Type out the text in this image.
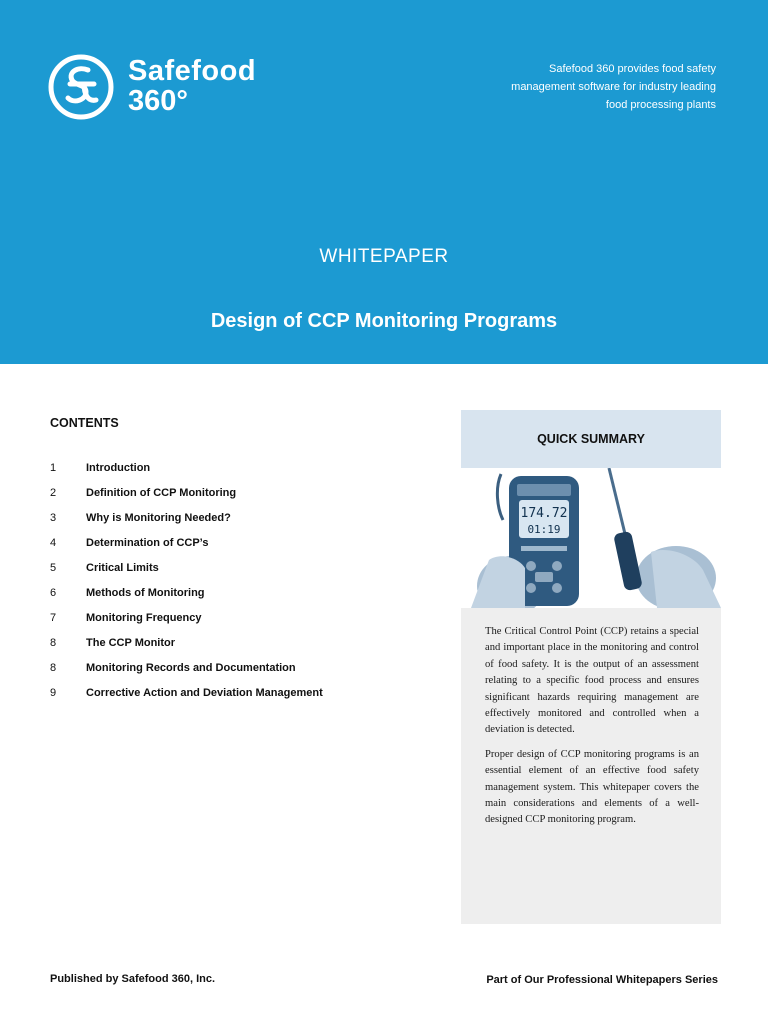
Safefood
360°
Safefood 360 provides food safety
management software for industry leading
food processing plants
WHITEPAPER
Design of CCP Monitoring Programs
CONTENTS
1	Introduction
2	Definition of CCP Monitoring
3	Why is Monitoring Needed?
4	Determination of CCP’s
5	Critical Limits
6	Methods of Monitoring
7	Monitoring Frequency
8	The CCP Monitor
8	Monitoring Records and Documentation
9	Corrective Action and Deviation Management
QUICK SUMMARY
174.72
01:19

The Critical Control Point (CCP) retains a special and important place in the monitoring and control of food safety. It is the output of an assessment relating to a specific food process and ensures significant hazards requiring management are effectively monitored and controlled when a deviation is detected.

Proper design of CCP monitoring programs is an essential element of an effective food safety management system. This whitepaper covers the main considerations and elements of a well-designed CCP monitoring program.

Published by Safefood 360, Inc.	Part of Our Professional Whitepapers Series
